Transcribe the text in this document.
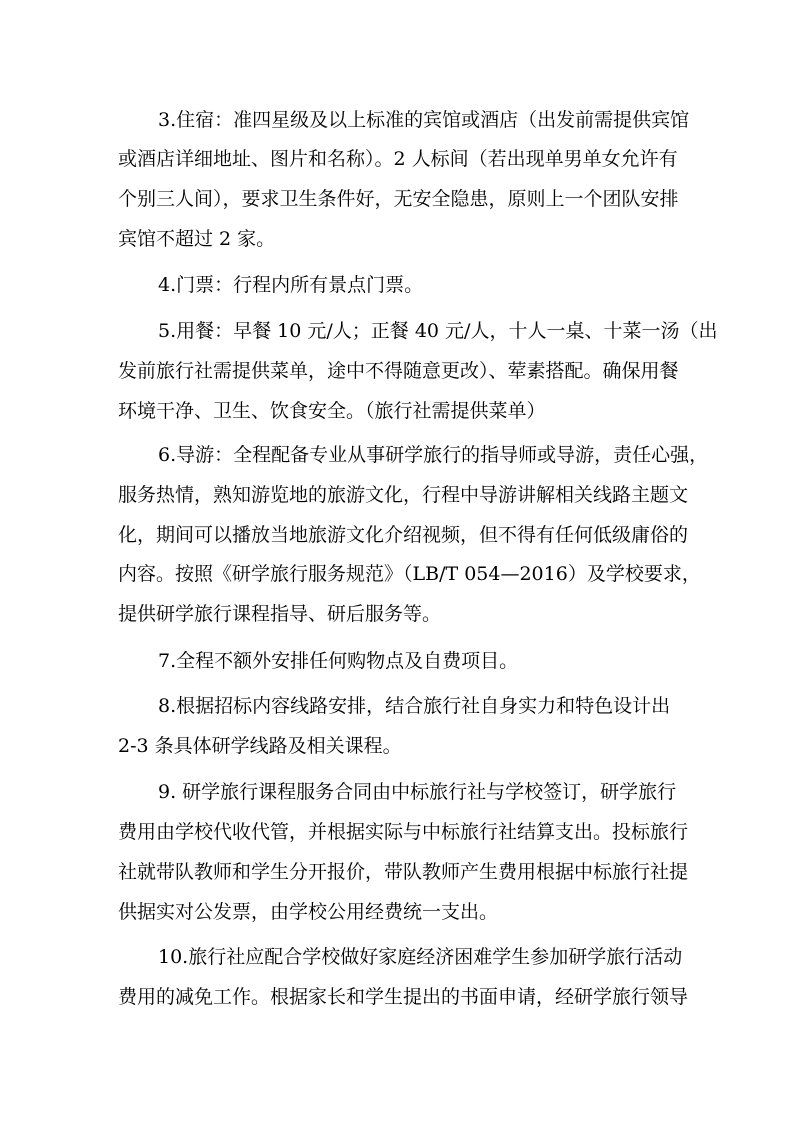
3.住宿：准四星级及以上标准的宾馆或酒店（出发前需提供宾馆
或酒店详细地址、图片和名称）。2 人标间（若出现单男单女允许有
个别三人间），要求卫生条件好，无安全隐患，原则上一个团队安排
宾馆不超过 2 家。
4.门票：行程内所有景点门票。
5.用餐：早餐 10 元/人；正餐 40 元/人，十人一桌、十菜一汤（出
发前旅行社需提供菜单，途中不得随意更改）、荤素搭配。确保用餐
环境干净、卫生、饮食安全。（旅行社需提供菜单）
6.导游：全程配备专业从事研学旅行的指导师或导游，责任心强，
服务热情，熟知游览地的旅游文化，行程中导游讲解相关线路主题文
化，期间可以播放当地旅游文化介绍视频，但不得有任何低级庸俗的
内容。按照《研学旅行服务规范》（LB/T 054—2016）及学校要求，
提供研学旅行课程指导、研后服务等。
7.全程不额外安排任何购物点及自费项目。
8.根据招标内容线路安排，结合旅行社自身实力和特色设计出
2-3 条具体研学线路及相关课程。
9. 研学旅行课程服务合同由中标旅行社与学校签订，研学旅行
费用由学校代收代管，并根据实际与中标旅行社结算支出。投标旅行
社就带队教师和学生分开报价，带队教师产生费用根据中标旅行社提
供据实对公发票，由学校公用经费统一支出。
10.旅行社应配合学校做好家庭经济困难学生参加研学旅行活动
费用的减免工作。根据家长和学生提出的书面申请，经研学旅行领导
